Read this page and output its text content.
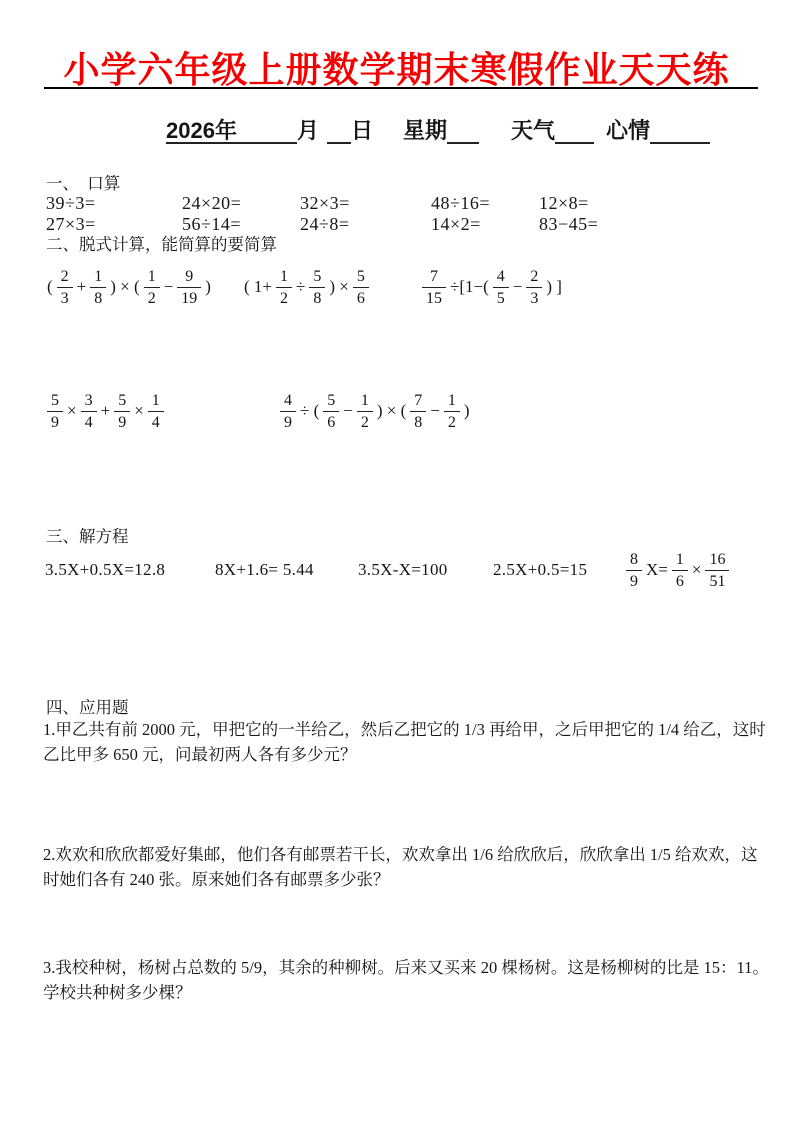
小学六年级上册数学期末寒假作业天天练
2026年	月 日 星期	天气 心情
一、　口算
39÷3=	24×20=	32×3=	48÷16=	12×8=
27×3=	56÷14=	24÷8=	14×2=	83−45=
二、脱式计算，能简算的要简算
( $\frac{2}{3} + \frac{1}{8}$ ) × ( $\frac{1}{2} - \frac{9}{19}$ ) ( $1+ \frac{1}{2} \div \frac{5}{8}$ ) × $\frac{5}{6}$	$\frac{7}{15} \div[1-( \frac{4}{5} - \frac{2}{3}$ ) ]
$\frac{5}{9} \times \frac{3}{4} + \frac{5}{9} \times \frac{1}{4}$	$\frac{4}{9}$ ÷ ( $\frac{5}{6} - \frac{1}{2}$ ) × ( $\frac{7}{8} - \frac{1}{2}$ )
三、解方程
3.5X+0.5X=12.8	8X+1.6= 5.44	3.5X-X=100	$2.5X+0.5=15 \frac{8}{9} X= \frac{1}{6} \times \frac{16}{51}$
四、应用题
1.甲乙共有前 2000 元，甲把它的一半给乙，然后乙把它的 1/3 再给甲，之后甲把它的 1/4 给乙，这时
乙比甲多 650 元，问最初两人各有多少元？
2.欢欢和欣欣都爱好集邮，他们各有邮票若干长，欢欢拿出 1/6 给欣欣后，欣欣拿出 1/5 给欢欢，这
时她们各有 240 张。原来她们各有邮票多少张？
3.我校种树，杨树占总数的 5/9，其余的种柳树。后来又买来 20 棵杨树。这是杨柳树的比是 15：11。
学校共种树多少棵？
